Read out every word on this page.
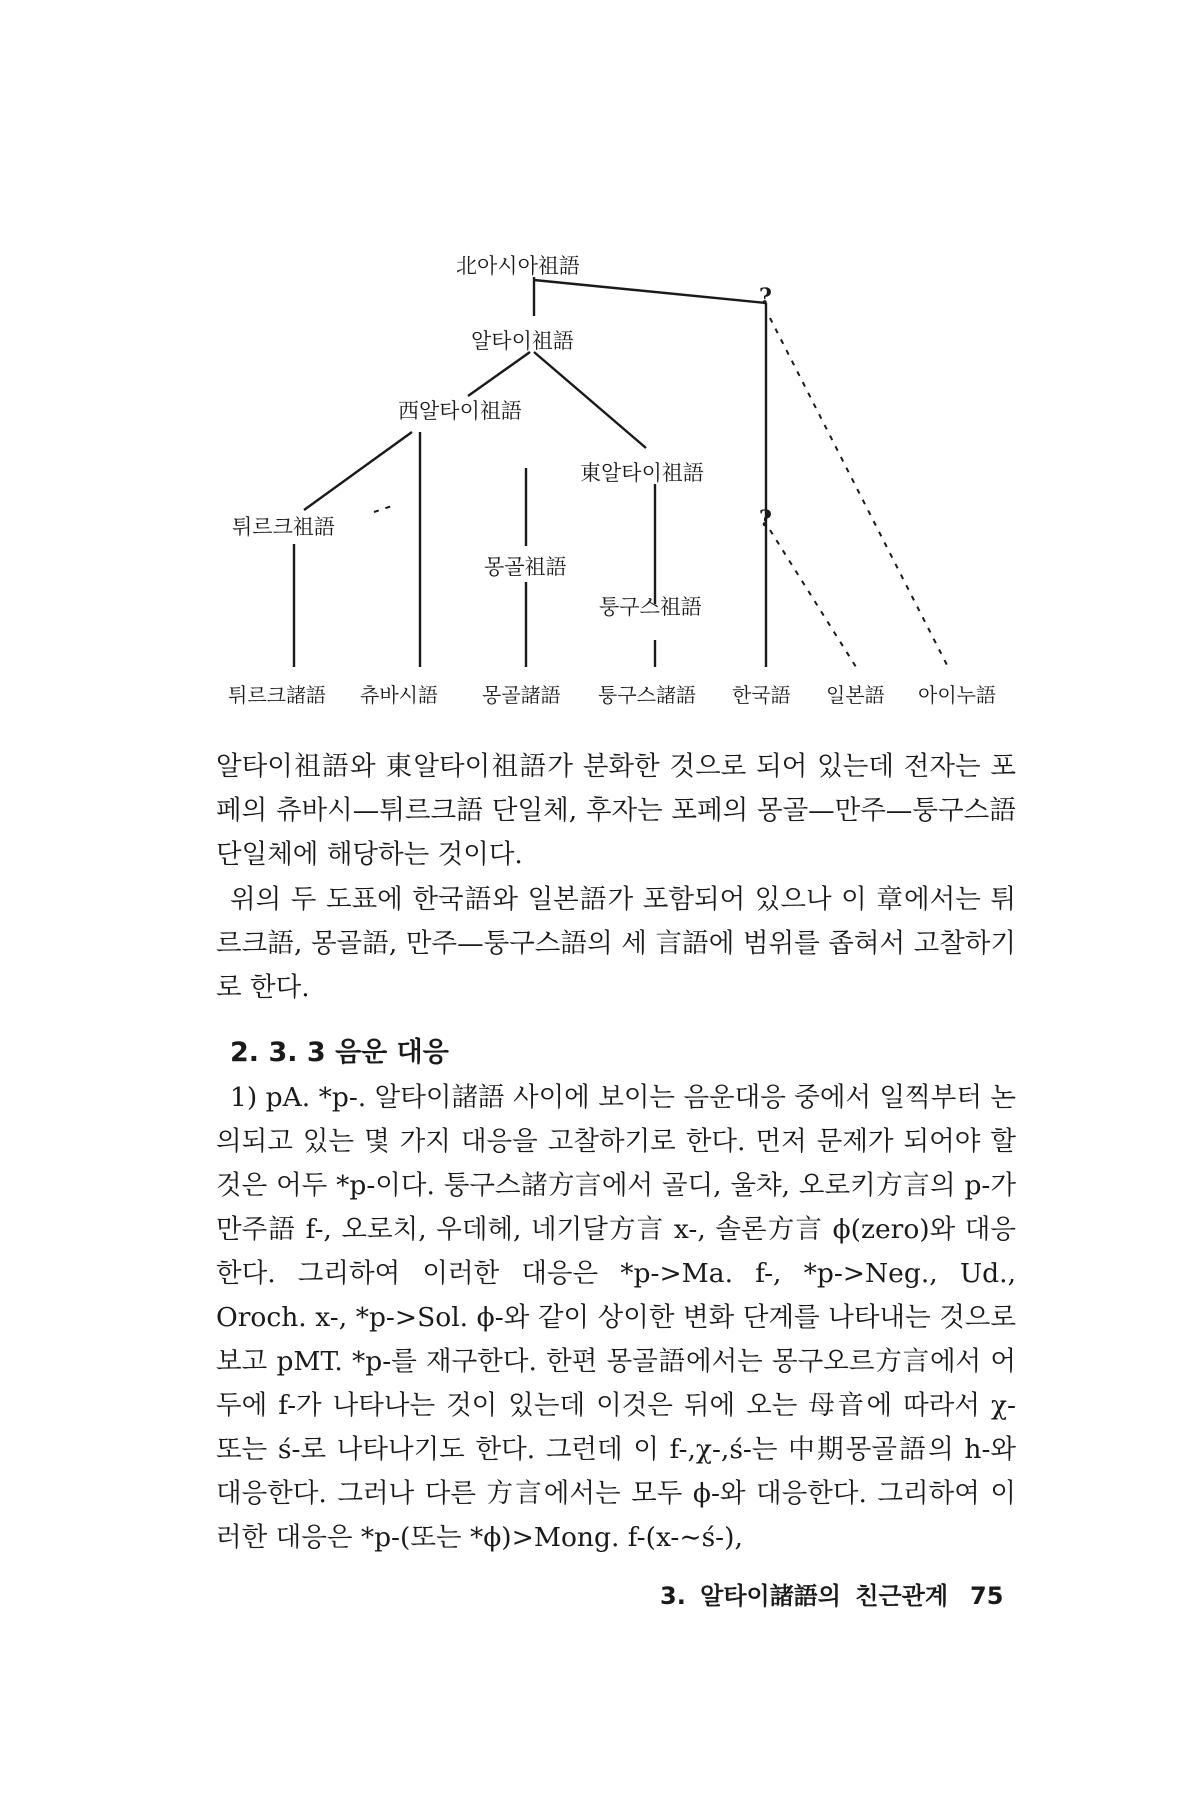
北아시아祖語
?
알타이祖語
西알타이祖語
東알타이祖語
튀르크祖語	?
몽골祖語
퉁구스祖語
튀르크諸語 츄바시語 몽골諸語 퉁구스諸語 한국語 일본語 아이누語
알타이祖語와 東알타이祖語가 분화한 것으로 되어 있는데 전자는 포페의 츄바시—튀르크語 단일체, 후자는 포페의 몽골—만주—퉁구스語 단일체에 해당하는 것이다.
위의 두 도표에 한국語와 일본語가 포함되어 있으나 이 章에서는 튀르크語, 몽골語, 만주—퉁구스語의 세 言語에 범위를 좁혀서 고찰하기로 한다.
2. 3. 3 음운 대응
1) pA. *p-. 알타이諸語 사이에 보이는 음운대응 중에서 일찍부터 논의되고 있는 몇 가지 대응을 고찰하기로 한다. 먼저 문제가 되어야 할 것은 어두 *p-이다. 퉁구스諸方言에서 골디, 울챠, 오로키方言의 p-가 만주語 f-, 오로치, 우데헤, 네기달方言 x-, 솔론方言 ϕ(zero)와 대응한다. 그리하여 이러한 대응은 *p->Ma. f-, *p->Neg., Ud., Oroch. x-, *p->Sol. ϕ-와 같이 상이한 변화 단계를 나타내는 것으로 보고 pMT. *p-를 재구한다. 한편 몽골語에서는 몽구오르方言에서 어두에 f-가 나타나는 것이 있는데 이것은 뒤에 오는 母音에 따라서 χ- 또는 ś-로 나타나기도 한다. 그런데 이 f-,χ-,ś-는 中期몽골語의 h-와 대응한다. 그러나 다른 方言에서는 모두 ϕ-와 대응한다. 그리하여 이러한 대응은 *p-(또는 *ϕ)>Mong. f-(x-∼ś-),
3. 알타이諸語의 친근관계 75
